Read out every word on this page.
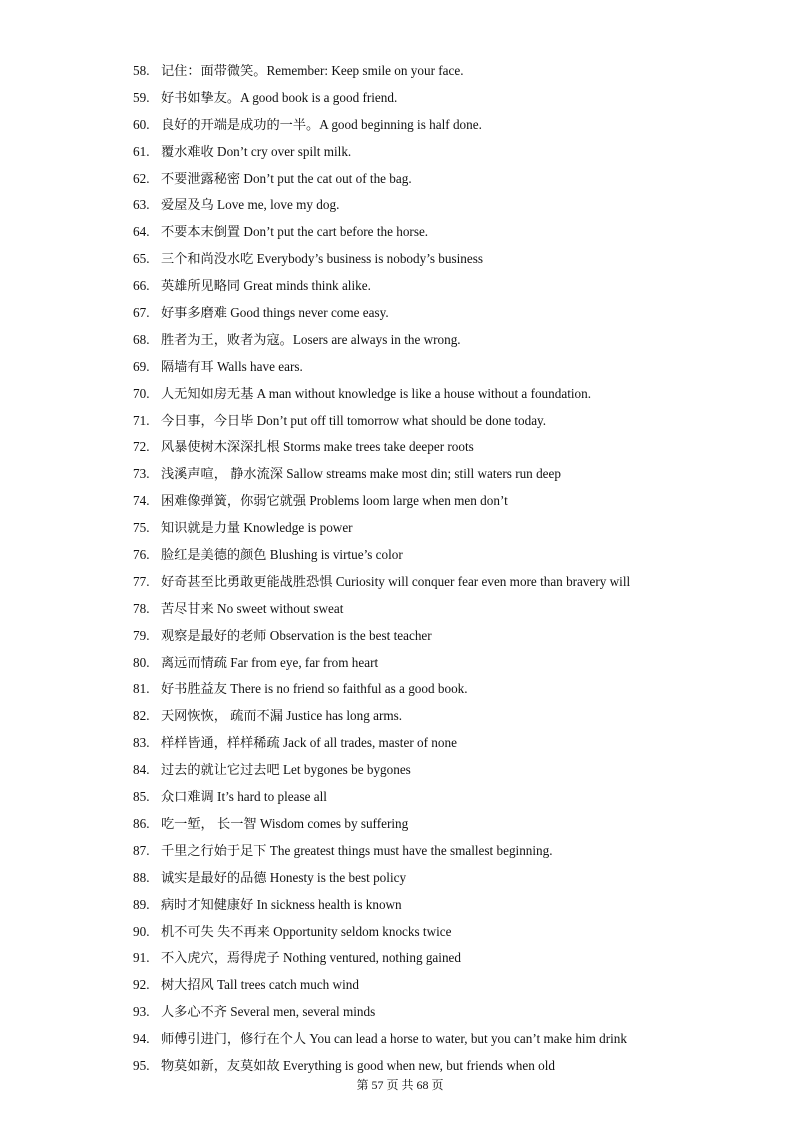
58. 记住：面带微笑。Remember: Keep smile on your face.
59. 好书如挚友。A good book is a good friend.
60. 良好的开端是成功的一半。A good beginning is half done.
61. 覆水难收 Don’t cry over spilt milk.
62. 不要泄露秘密 Don’t put the cat out of the bag.
63. 爱屋及乌 Love me, love my dog.
64. 不要本末倒置 Don’t put the cart before the horse.
65. 三个和尚没水吃 Everybody’s business is nobody’s business
66. 英雄所见略同 Great minds think alike.
67. 好事多磨难 Good things never come easy.
68. 胜者为王，败者为寇。Losers are always in the wrong.
69. 隔墙有耳 Walls have ears.
70. 人无知如房无基 A man without knowledge is like a house without a foundation.
71. 今日事，今日毕 Don’t put off till tomorrow what should be done today.
72. 风暴使树木深深扎根 Storms make trees take deeper roots
73. 浅溪声喧， 静水流深 Sallow streams make most din; still waters run deep
74. 困难像弹簧，你弱它就强 Problems loom large when men don’t
75. 知识就是力量 Knowledge is power
76. 脸红是美德的颜色 Blushing is virtue’s color
77. 好奇甚至比勇敢更能战胜恐惧 Curiosity will conquer fear even more than bravery will
78. 苦尽甘来 No sweet without sweat
79. 观察是最好的老师 Observation is the best teacher
80. 离远而情疏 Far from eye, far from heart
81. 好书胜益友 There is no friend so faithful as a good book.
82. 天网恢恢， 疏而不漏 Justice has long arms.
83. 样样皆通，样样稀疏 Jack of all trades, master of none
84. 过去的就让它过去吧 Let bygones be bygones
85. 众口难调 It’s hard to please all
86. 吃一堑， 长一智 Wisdom comes by suffering
87. 千里之行始于足下 The greatest things must have the smallest beginning.
88. 诚实是最好的品德 Honesty is the best policy
89. 病时才知健康好 In sickness health is known
90. 机不可失 失不再来 Opportunity seldom knocks twice
91. 不入虎穴，焉得虎子 Nothing ventured, nothing gained
92. 树大招风 Tall trees catch much wind
93. 人多心不齐 Several men, several minds
94. 师傅引进门，修行在个人 You can lead a horse to water, but you can’t make him drink
95. 物莫如新，友莫如故 Everything is good when new, but friends when old
第 57 页 共 68 页
